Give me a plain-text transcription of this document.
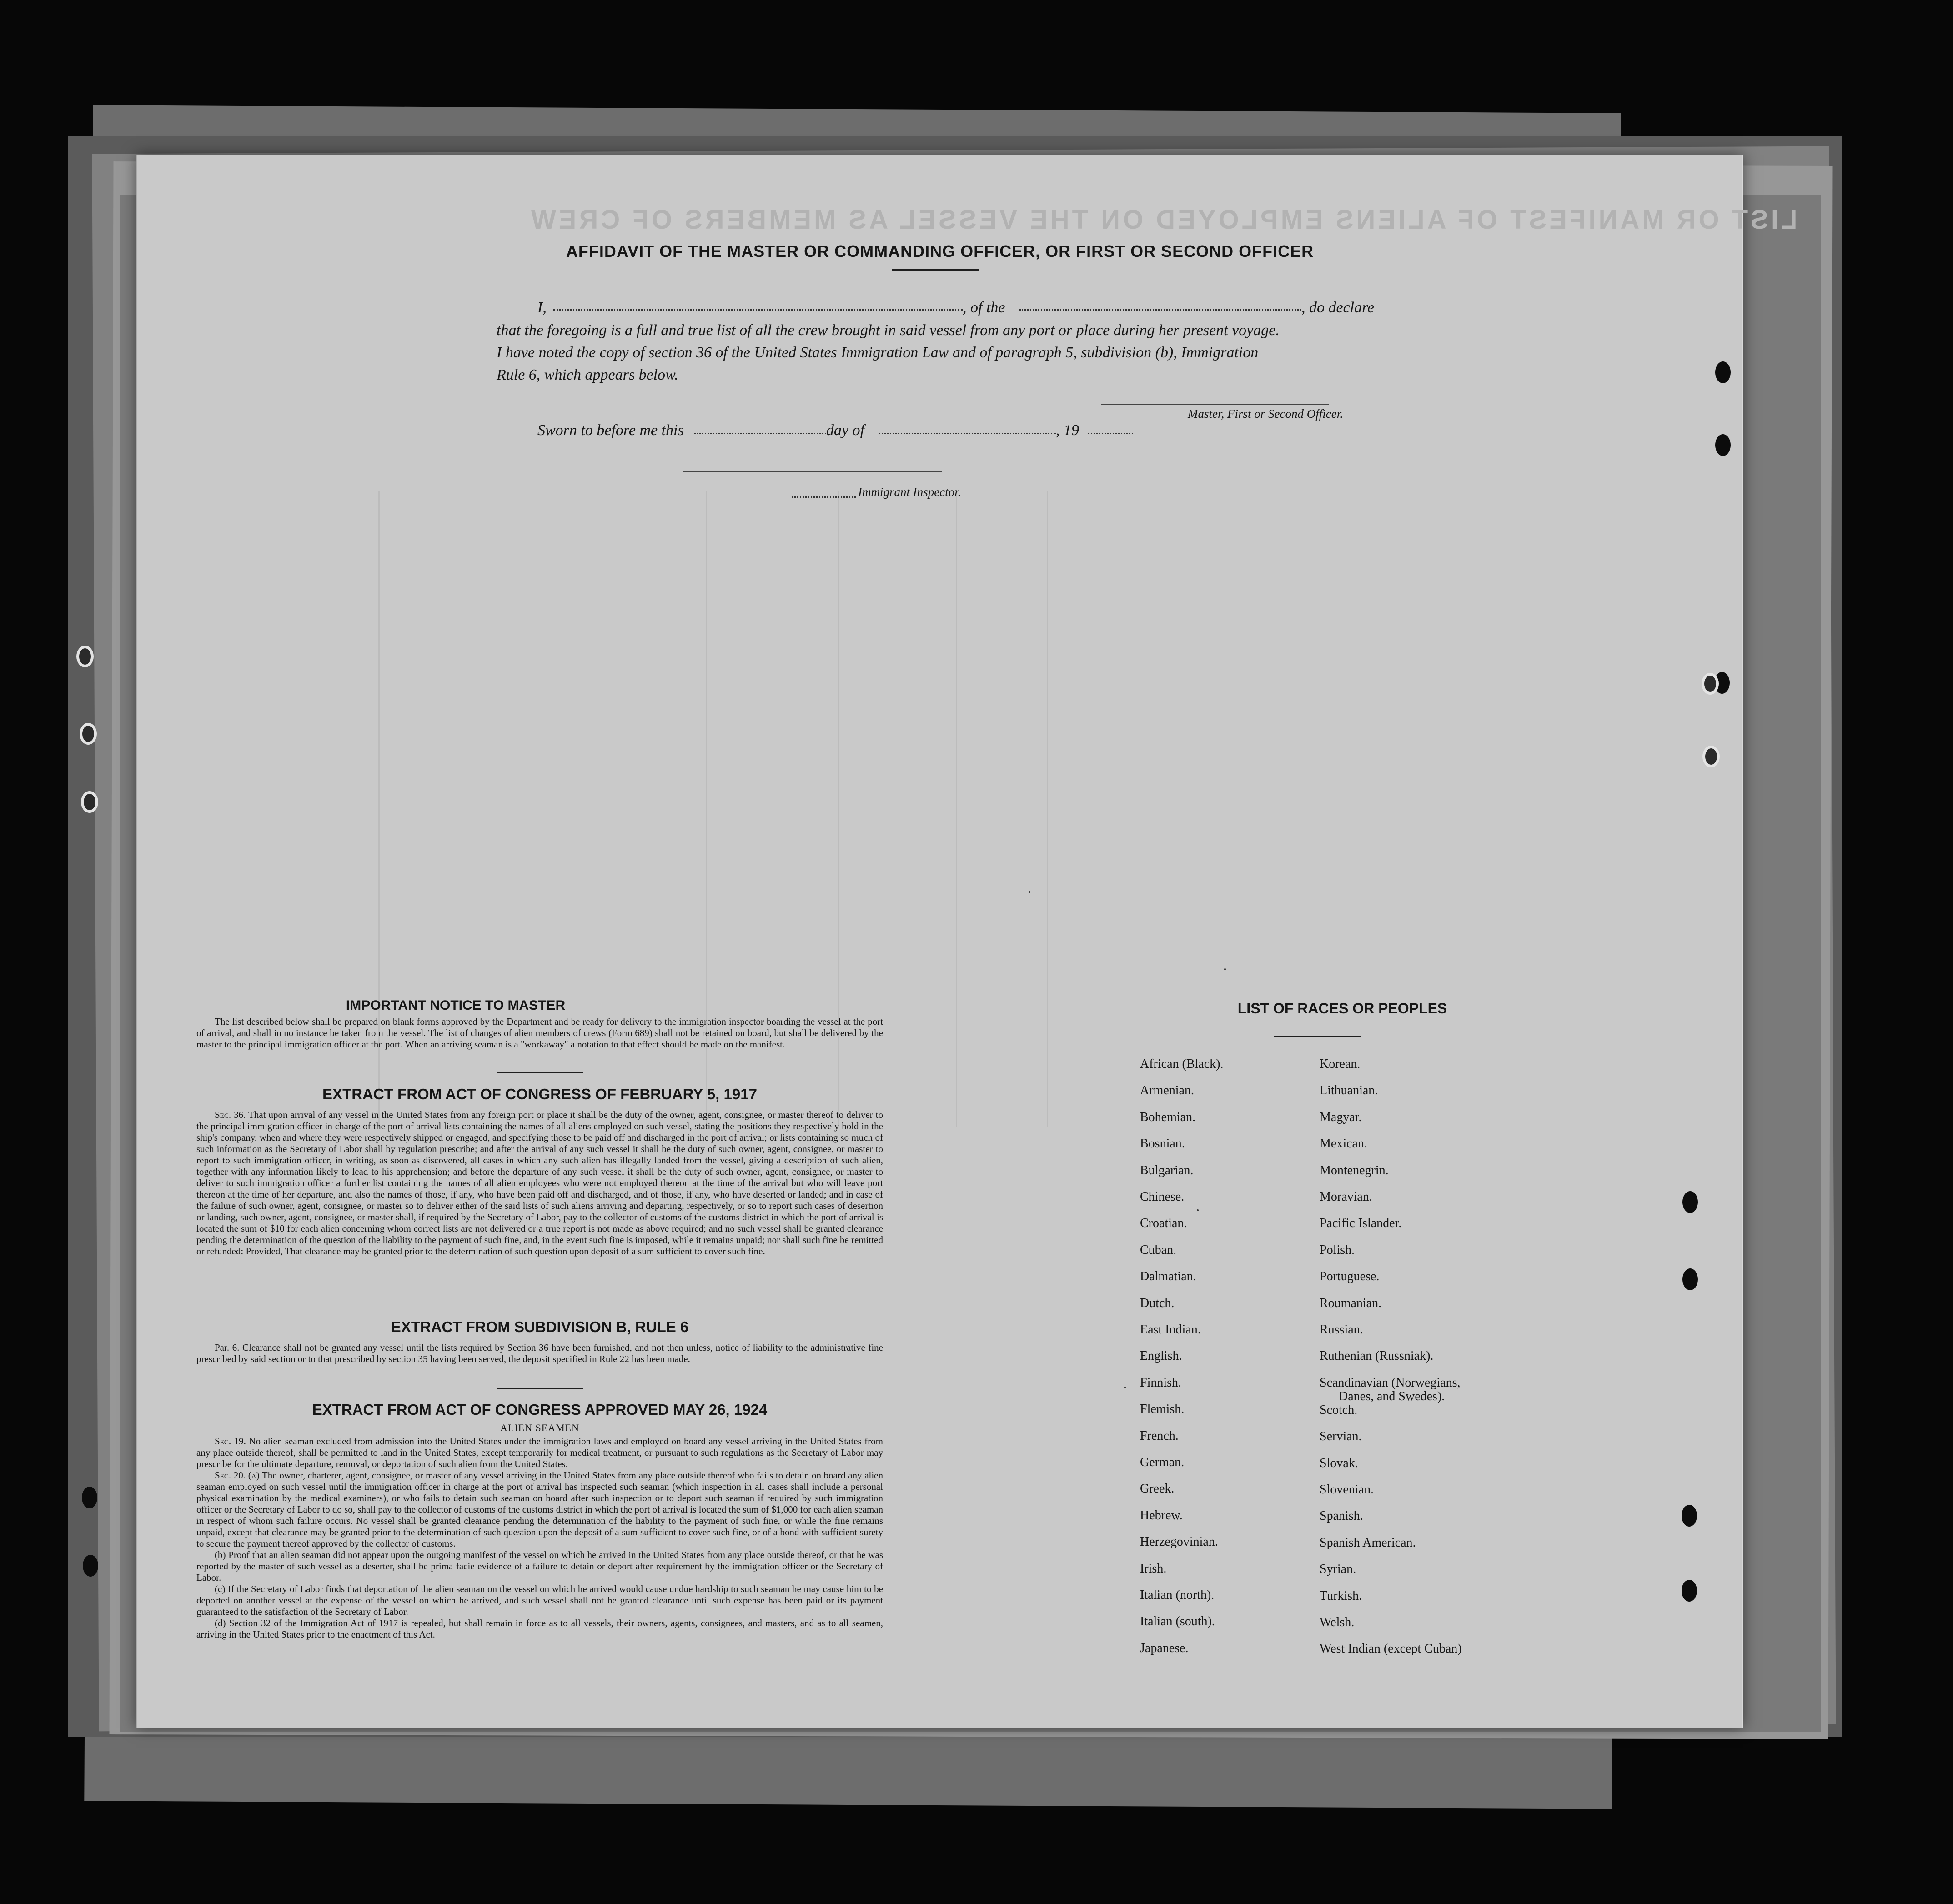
LIST OR MANIFEST OF ALIENS EMPLOYED ON THE VESSEL AS MEMBERS OF CREW
AFFIDAVIT OF THE MASTER OR COMMANDING OFFICER, OR FIRST OR SECOND OFFICER
I,	, of the	, do declare
that the foregoing is a full and true list of all the crew brought in said vessel from any port or place during her present voyage.
I have noted the copy of section 36 of the United States Immigration Law and of paragraph 5, subdivision (b), Immigration
Rule 6, which appears below.
Master, First or Second Officer.
Sworn to before me this	day of	, 19
Immigrant Inspector.
IMPORTANT NOTICE TO MASTER

The list described below shall be prepared on blank forms approved by the Department and be ready for delivery to the immigration inspector boarding the vessel at the port of arrival, and shall in no instance be taken from the vessel. The list of changes of alien members of crews (Form 689) shall not be retained on board, but shall be delivered by the master to the principal immigration officer at the port. When an arriving seaman is a "workaway" a notation to that effect should be made on the manifest.

EXTRACT FROM ACT OF CONGRESS OF FEBRUARY 5, 1917

Sec. 36. That upon arrival of any vessel in the United States from any foreign port or place it shall be the duty of the owner, agent, consignee, or master thereof to deliver to the principal immigration officer in charge of the port of arrival lists containing the names of all aliens employed on such vessel, stating the positions they respectively hold in the ship's company, when and where they were respectively shipped or engaged, and specifying those to be paid off and discharged in the port of arrival; or lists containing so much of such information as the Secretary of Labor shall by regulation prescribe; and after the arrival of any such vessel it shall be the duty of such owner, agent, consignee, or master to report to such immigration officer, in writing, as soon as discovered, all cases in which any such alien has illegally landed from the vessel, giving a description of such alien, together with any information likely to lead to his apprehension; and before the departure of any such vessel it shall be the duty of such owner, agent, consignee, or master to deliver to such immigration officer a further list containing the names of all alien employees who were not employed thereon at the time of the arrival but who will leave port thereon at the time of her departure, and also the names of those, if any, who have been paid off and discharged, and of those, if any, who have deserted or landed; and in case of the failure of such owner, agent, consignee, or master so to deliver either of the said lists of such aliens arriving and departing, respectively, or so to report such cases of desertion or landing, such owner, agent, consignee, or master shall, if required by the Secretary of Labor, pay to the collector of customs of the customs district in which the port of arrival is located the sum of $10 for each alien concerning whom correct lists are not delivered or a true report is not made as above required; and no such vessel shall be granted clearance pending the determination of the question of the liability to the payment of such fine, and, in the event such fine is imposed, while it remains unpaid; nor shall such fine be remitted or refunded: Provided, That clearance may be granted prior to the determination of such question upon deposit of a sum sufficient to cover such fine.

EXTRACT FROM SUBDIVISION B, RULE 6

Par. 6. Clearance shall not be granted any vessel until the lists required by Section 36 have been furnished, and not then unless, notice of liability to the administrative fine prescribed by said section or to that prescribed by section 35 having been served, the deposit specified in Rule 22 has been made.

EXTRACT FROM ACT OF CONGRESS APPROVED MAY 26, 1924
ALIEN SEAMEN

Sec. 19. No alien seaman excluded from admission into the United States under the immigration laws and employed on board any vessel arriving in the United States from any place outside thereof, shall be permitted to land in the United States, except temporarily for medical treatment, or pursuant to such regulations as the Secretary of Labor may prescribe for the ultimate departure, removal, or deportation of such alien from the United States.

Sec. 20. (a) The owner, charterer, agent, consignee, or master of any vessel arriving in the United States from any place outside thereof who fails to detain on board any alien seaman employed on such vessel until the immigration officer in charge at the port of arrival has inspected such seaman (which inspection in all cases shall include a personal physical examination by the medical examiners), or who fails to detain such seaman on board after such inspection or to deport such seaman if required by such immigration officer or the Secretary of Labor to do so, shall pay to the collector of customs of the customs district in which the port of arrival is located the sum of $1,000 for each alien seaman in respect of whom such failure occurs. No vessel shall be granted clearance pending the determination of the liability to the payment of such fine, or while the fine remains unpaid, except that clearance may be granted prior to the determination of such question upon the deposit of a sum sufficient to cover such fine, or of a bond with sufficient surety to secure the payment thereof approved by the collector of customs.

(b) Proof that an alien seaman did not appear upon the outgoing manifest of the vessel on which he arrived in the United States from any place outside thereof, or that he was reported by the master of such vessel as a deserter, shall be prima facie evidence of a failure to detain or deport after requirement by the immigration officer or the Secretary of Labor.

(c) If the Secretary of Labor finds that deportation of the alien seaman on the vessel on which he arrived would cause undue hardship to such seaman he may cause him to be deported on another vessel at the expense of the vessel on which he arrived, and such vessel shall not be granted clearance until such expense has been paid or its payment guaranteed to the satisfaction of the Secretary of Labor.

(d) Section 32 of the Immigration Act of 1917 is repealed, but shall remain in force as to all vessels, their owners, agents, consignees, and masters, and as to all seamen, arriving in the United States prior to the enactment of this Act.

LIST OF RACES OR PEOPLES
African (Black).
Armenian.
Bohemian.
Bosnian.
Bulgarian.
Chinese.
Croatian.
Cuban.
Dalmatian.
Dutch.
East Indian.
English.
Finnish.
Flemish.
French.
German.
Greek.
Hebrew.
Herzegovinian.
Irish.
Italian (north).
Italian (south).
Japanese.
Korean.
Lithuanian.
Magyar.
Mexican.
Montenegrin.
Moravian.
Pacific Islander.
Polish.
Portuguese.
Roumanian.
Russian.
Ruthenian (Russniak).
Scandinavian (Norwegians,
Danes, and Swedes).
Scotch.
Servian.
Slovak.
Slovenian.
Spanish.
Spanish American.
Syrian.
Turkish.
Welsh.
West Indian (except Cuban)
